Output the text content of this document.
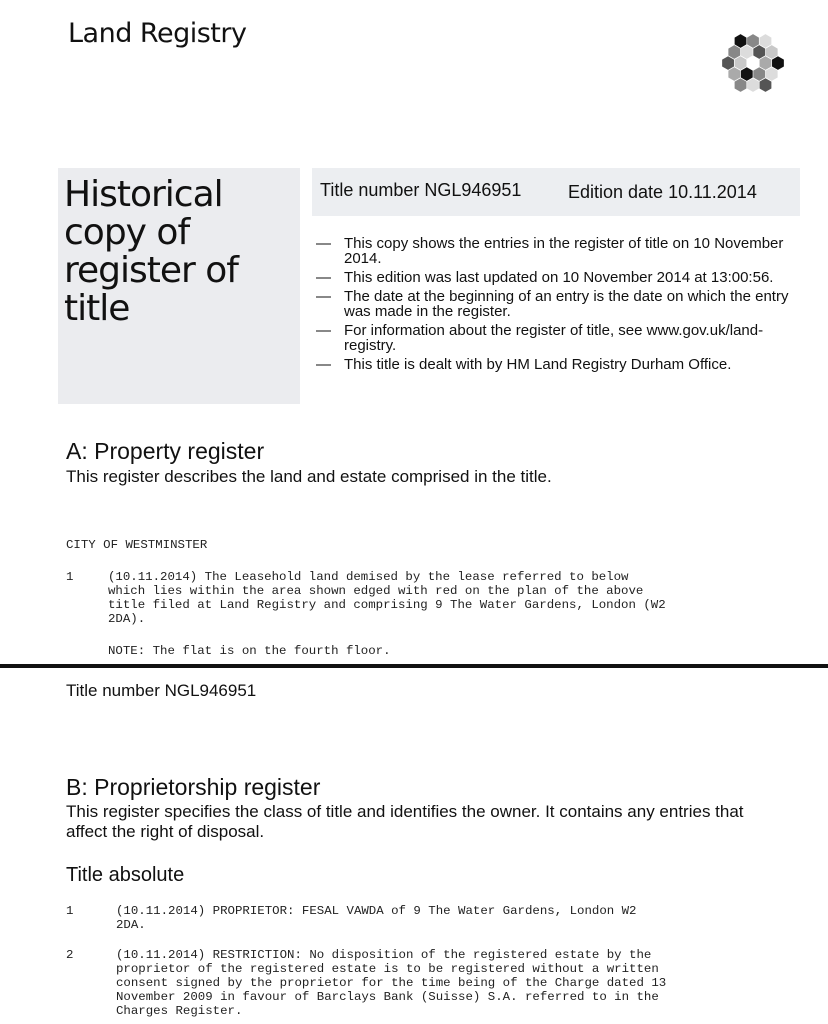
Land Registry
Historical
copy of
register of
title
Title number NGL946951	Edition date 10.11.2014
— This copy shows the entries in the register of title on 10 November 2014.
— This edition was last updated on 10 November 2014 at 13:00:56.
— The date at the beginning of an entry is the date on which the entry was made in the register.
— For information about the register of title, see www.gov.uk/land-registry.
— This title is dealt with by HM Land Registry Durham Office.
A: Property register
This register describes the land and estate comprised in the title.
CITY OF WESTMINSTER
1	(10.11.2014) The Leasehold land demised by the lease referred to below
which lies within the area shown edged with red on the plan of the above
title filed at Land Registry and comprising 9 The Water Gardens, London (W2
2DA).
NOTE: The flat is on the fourth floor.
Title number NGL946951
B: Proprietorship register
This register specifies the class of title and identifies the owner. It contains any entries that affect the right of disposal.
Title absolute
1	(10.11.2014) PROPRIETOR: FESAL VAWDA of 9 The Water Gardens, London W2
2DA.
2	(10.11.2014) RESTRICTION: No disposition of the registered estate by the
proprietor of the registered estate is to be registered without a written
consent signed by the proprietor for the time being of the Charge dated 13
November 2009 in favour of Barclays Bank (Suisse) S.A. referred to in the
Charges Register.
